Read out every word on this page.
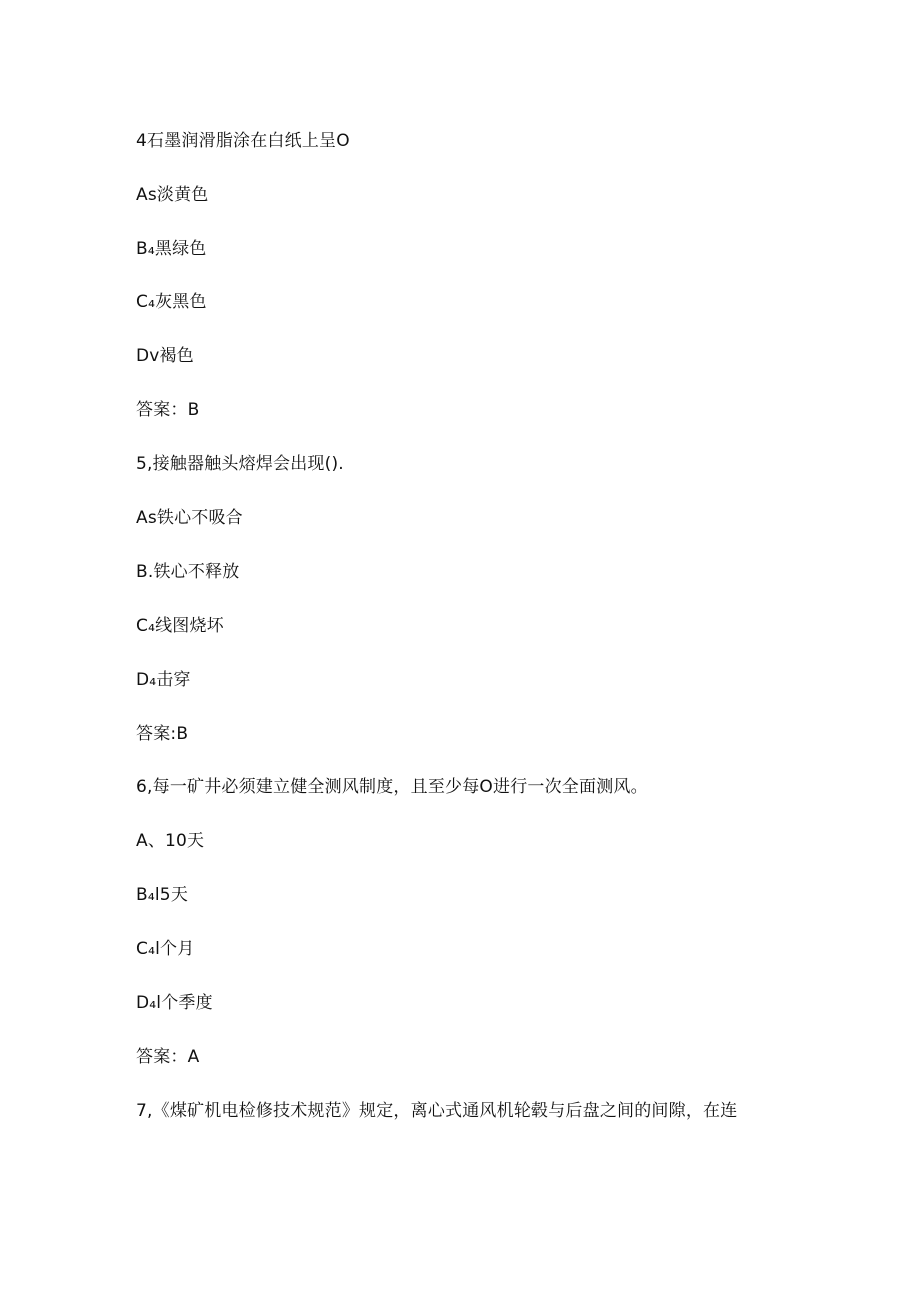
4石墨润滑脂涂在白纸上呈O
As淡黄色
B₄黑绿色
C₄灰黑色
Dv褐色
答案：B
5,接触器触头熔焊会出现().
As铁心不吸合
B.铁心不释放
C₄线图烧坏
D₄击穿
答案:B
6,每一矿井必须建立健全测风制度，且至少每O进行一次全面测风。
A、10天
B₄l5天
C₄l个月
D₄l个季度
答案：A
7,《煤矿机电检修技术规范》规定，离心式通风机轮毂与后盘之间的间隙，在连
